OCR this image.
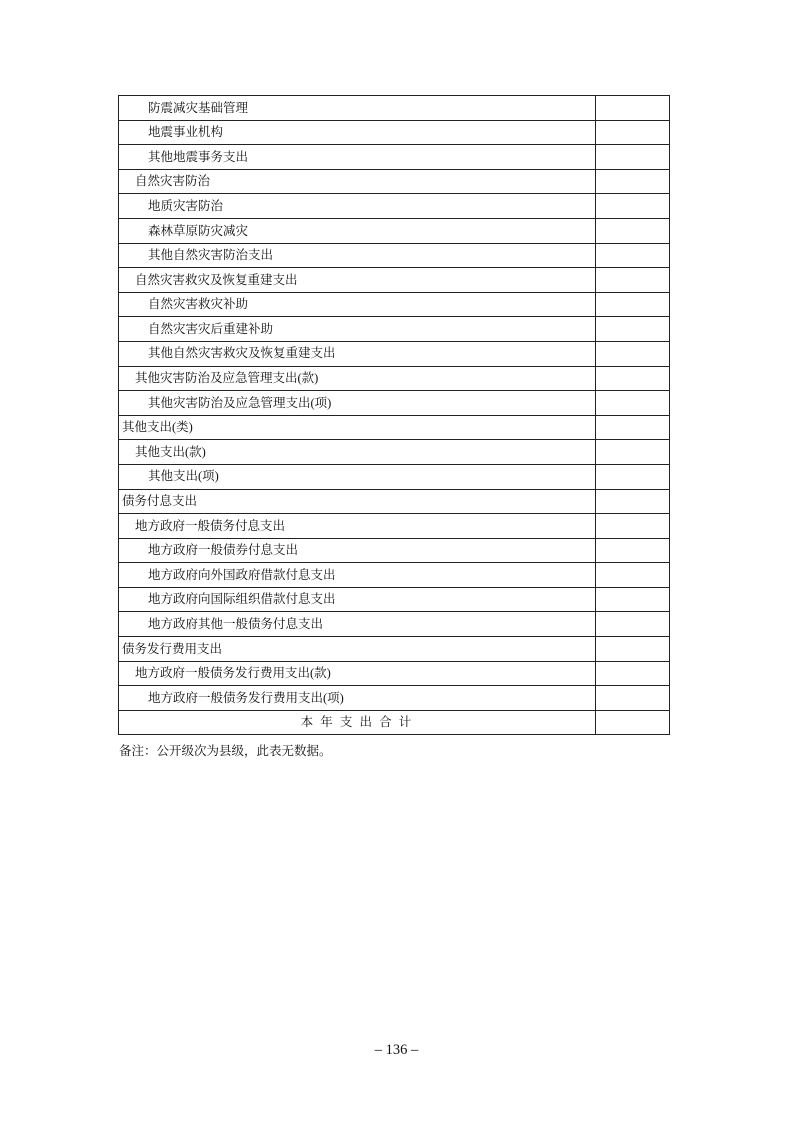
防震减灾基础管理	
地震事业机构	
其他地震事务支出	
自然灾害防治	
地质灾害防治	
森林草原防灾减灾	
其他自然灾害防治支出	
自然灾害救灾及恢复重建支出	
自然灾害救灾补助	
自然灾害灾后重建补助	
其他自然灾害救灾及恢复重建支出	
其他灾害防治及应急管理支出(款)	
其他灾害防治及应急管理支出(项)	
其他支出(类)	
其他支出(款)	
其他支出(项)	
债务付息支出	
地方政府一般债务付息支出	
地方政府一般债券付息支出	
地方政府向外国政府借款付息支出	
地方政府向国际组织借款付息支出	
地方政府其他一般债务付息支出	
债务发行费用支出	
地方政府一般债务发行费用支出(款)	
地方政府一般债务发行费用支出(项)	
本 年 支 出 合 计	
备注：公开级次为县级，此表无数据。
– 136 –
